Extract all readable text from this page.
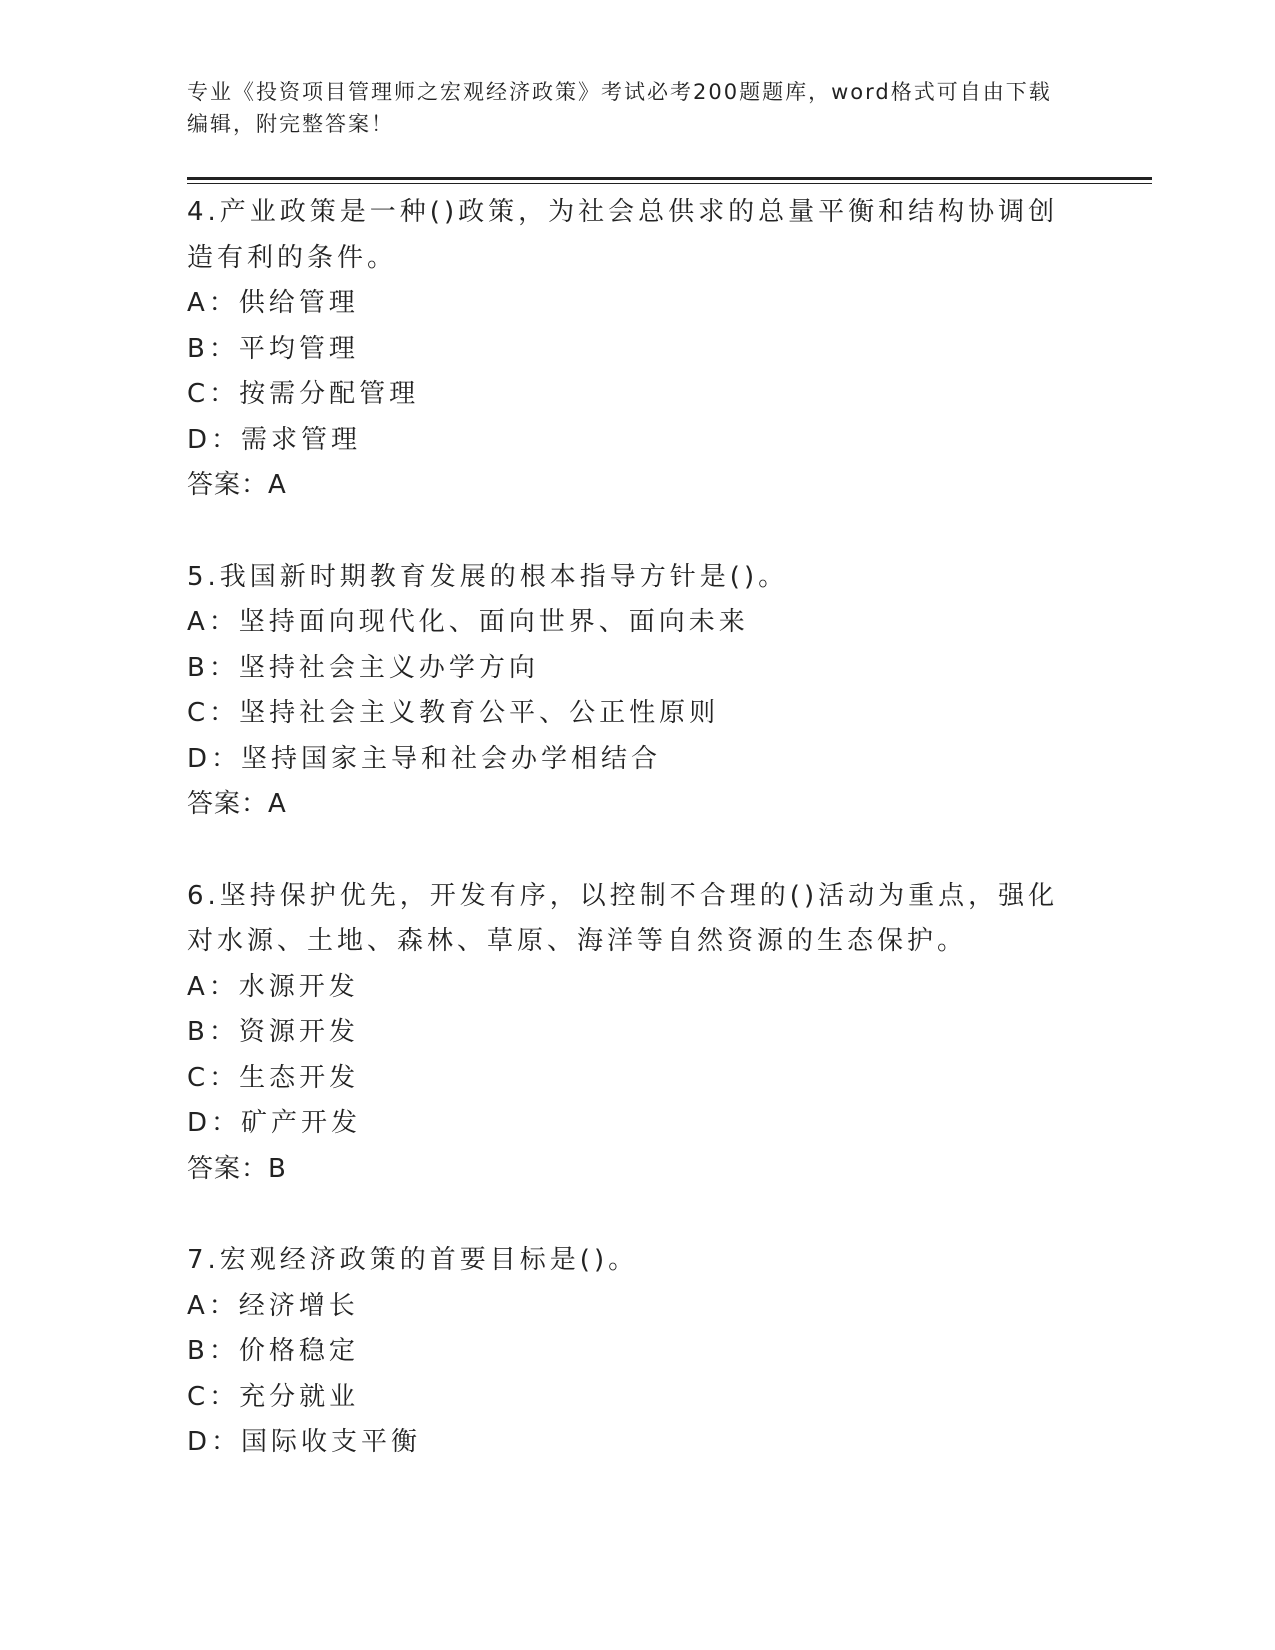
专业《投资项目管理师之宏观经济政策》考试必考200题题库，word格式可自由下载编辑，附完整答案！
4.产业政策是一种()政策，为社会总供求的总量平衡和结构协调创造有利的条件。
A：供给管理
B：平均管理
C：按需分配管理
D：需求管理
答案：A
5.我国新时期教育发展的根本指导方针是()。
A：坚持面向现代化、面向世界、面向未来
B：坚持社会主义办学方向
C：坚持社会主义教育公平、公正性原则
D：坚持国家主导和社会办学相结合
答案：A
6.坚持保护优先，开发有序，以控制不合理的()活动为重点，强化对水源、土地、森林、草原、海洋等自然资源的生态保护。
A：水源开发
B：资源开发
C：生态开发
D：矿产开发
答案：B
7.宏观经济政策的首要目标是()。
A：经济增长
B：价格稳定
C：充分就业
D：国际收支平衡
